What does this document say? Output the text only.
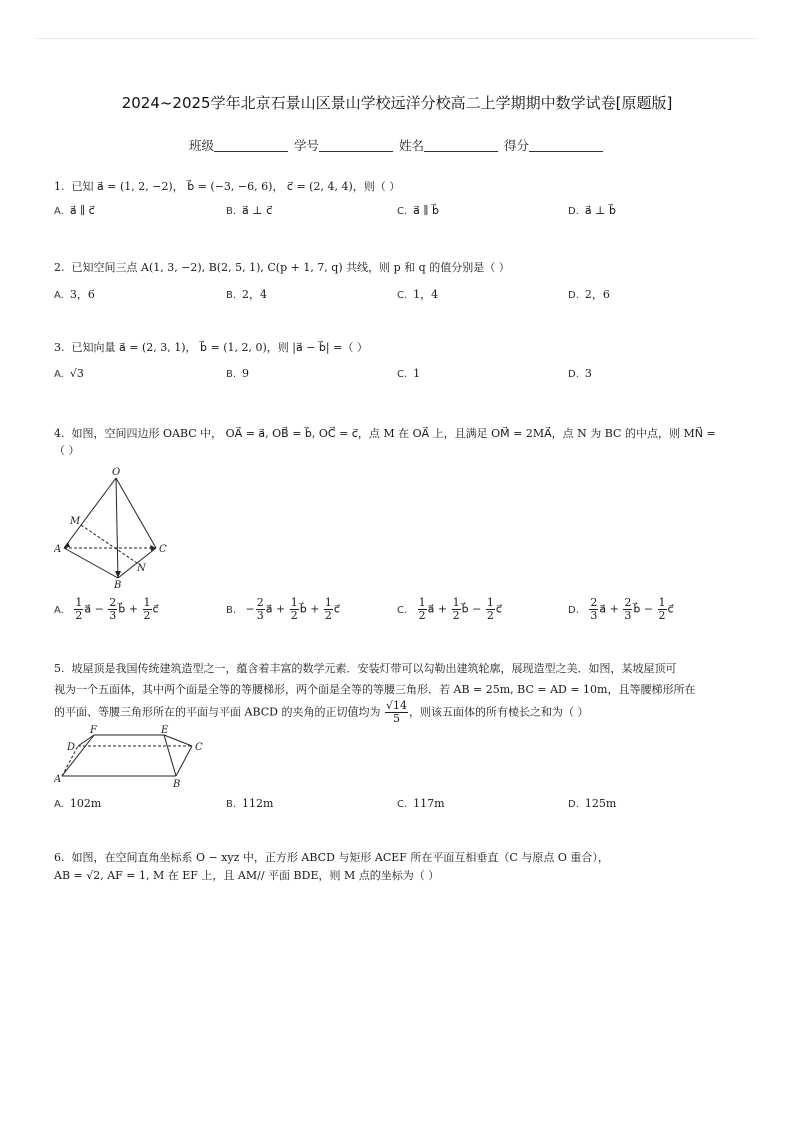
2024~2025学年北京石景山区景山学校远洋分校高二上学期期中数学试卷[原题版]
班级	学号	姓名	得分
1. 已知 a⃗ = (1, 2, −2)， b⃗ = (−3, −6, 6)， c⃗ = (2, 4, 4)，则（ ）
A. a⃗ ∥ c⃗	B. a⃗ ⊥ c⃗	C. a⃗ ∥ b⃗	D. a⃗ ⊥ b⃗
2. 已知空间三点 A(1, 3, −2), B(2, 5, 1), C(p + 1, 7, q) 共线，则 p 和 q 的值分别是（ ）
A. 3，6	B. 2，4	C. 1，4	D. 2，6
3. 已知向量 a⃗ = (2, 3, 1)， b⃗ = (1, 2, 0)，则 |a⃗ − b⃗| =（ ）
A. √3	B. 9	C. 1	D. 3
4. 如图，空间四边形 OABC 中， OA⃗ = a⃗, OB⃗ = b⃗, OC⃗ = c⃗，点 M 在 OA⃗ 上，且满足 OM⃗ = 2MA⃗，点 N 为 BC 的中点，则 MN⃗ =
（ ）
O
M
A	C
N
B
A. $\frac{1}{2}$ a⃗ − $\frac{2}{3}$ b⃗ + $\frac{1}{2}$ c⃗	B. − $\frac{2}{3}$ a⃗ + $\frac{1}{2}$ b⃗ + $\frac{1}{2}$ c⃗	C. $\frac{1}{2}$ a⃗ + $\frac{1}{2}$ b⃗ − $\frac{1}{2}$ c⃗	D. $\frac{2}{3}$ a⃗ + $\frac{2}{3}$ b⃗ − $\frac{1}{2}$ c⃗
5. 坡屋顶是我国传统建筑造型之一，蕴含着丰富的数学元素．安装灯带可以勾勒出建筑轮廓，展现造型之美．如图，某坡屋顶可
视为一个五面体，其中两个面是全等的等腰梯形，两个面是全等的等腰三角形．若 AB = 25m, BC = AD = 10m，且等腰梯形所在
的平面、等腰三角形所在的平面与平面 ABCD 的夹角的正切值均为 $\frac{√14}{5}$ ，则该五面体的所有棱长之和为（ ）
F	E
D	C
A	B
A. 102m	B. 112m	C. 117m	D. 125m
6. 如图，在空间直角坐标系 O − xyz 中，正方形 ABCD 与矩形 ACEF 所在平面互相垂直（C 与原点 O 重合），
AB = √2, AF = 1, M 在 EF 上，且 AM// 平面 BDE，则 M 点的坐标为（ ）
